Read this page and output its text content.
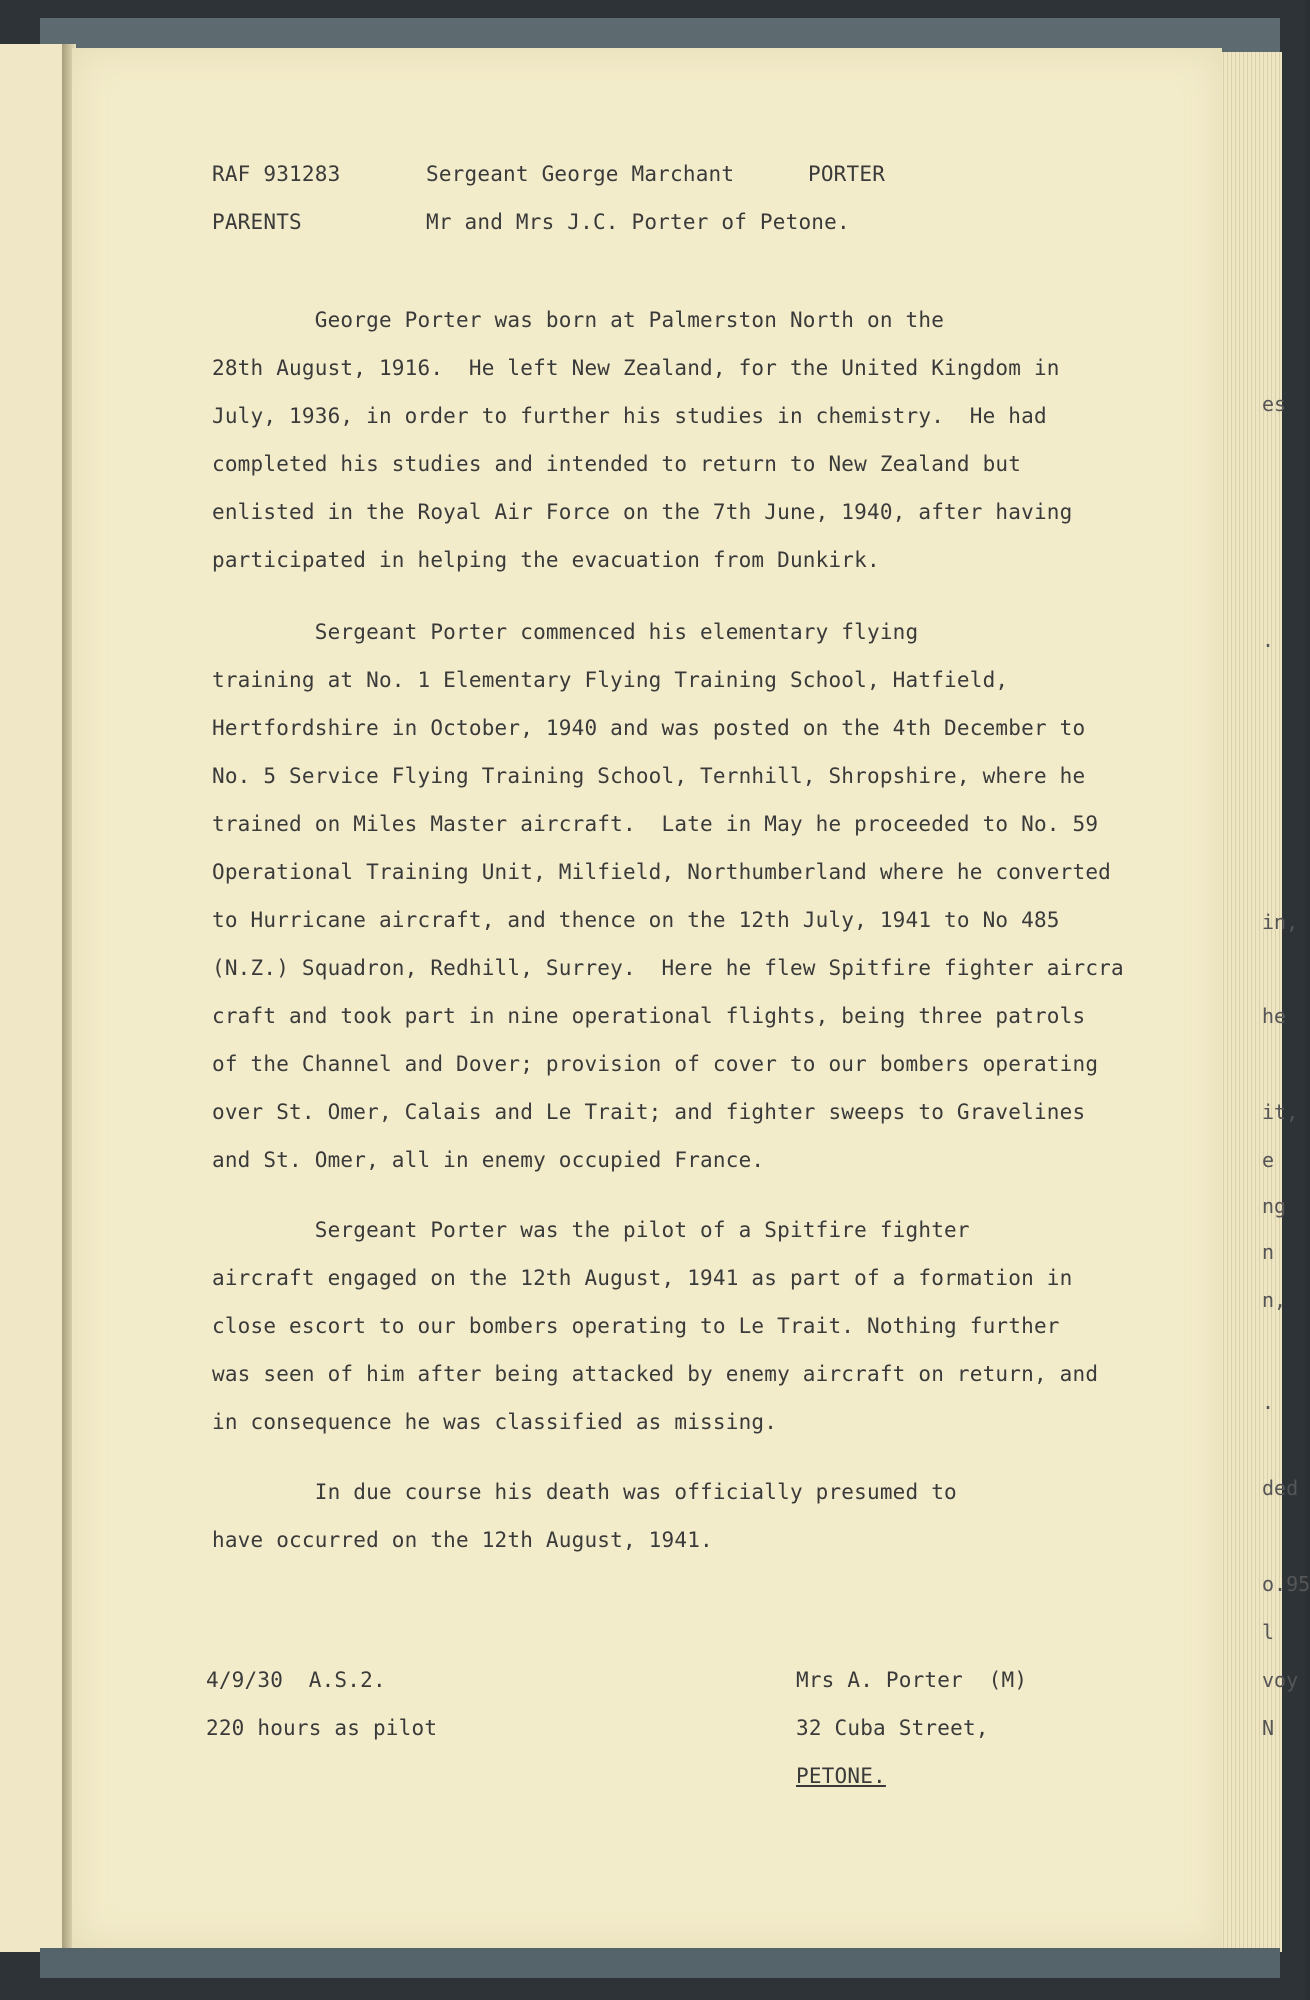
es
.
in,
he
it,
e
ng
n
n,
.
ded
o.95
l
voy
N
RAF 931283	Sergeant George Marchant	PORTER
PARENTS	Mr and Mrs J.C. Porter of Petone.
George Porter was born at Palmerston North on the
28th August, 1916.  He left New Zealand, for the United Kingdom in
July, 1936, in order to further his studies in chemistry.  He had
completed his studies and intended to return to New Zealand but
enlisted in the Royal Air Force on the 7th June, 1940, after having
participated in helping the evacuation from Dunkirk.
Sergeant Porter commenced his elementary flying
training at No. 1 Elementary Flying Training School, Hatfield,
Hertfordshire in October, 1940 and was posted on the 4th December to
No. 5 Service Flying Training School, Ternhill, Shropshire, where he
trained on Miles Master aircraft.  Late in May he proceeded to No. 59
Operational Training Unit, Milfield, Northumberland where he converted
to Hurricane aircraft, and thence on the 12th July, 1941 to No 485
(N.Z.) Squadron, Redhill, Surrey.  Here he flew Spitfire fighter aircra
craft and took part in nine operational flights, being three patrols
of the Channel and Dover; provision of cover to our bombers operating
over St. Omer, Calais and Le Trait; and fighter sweeps to Gravelines
and St. Omer, all in enemy occupied France.
Sergeant Porter was the pilot of a Spitfire fighter
aircraft engaged on the 12th August, 1941 as part of a formation in
close escort to our bombers operating to Le Trait. Nothing further
was seen of him after being attacked by enemy aircraft on return, and
in consequence he was classified as missing.
In due course his death was officially presumed to
have occurred on the 12th August, 1941.
4/9/30  A.S.2.
220 hours as pilot
Mrs A. Porter  (M)
32 Cuba Street,
PETONE.
